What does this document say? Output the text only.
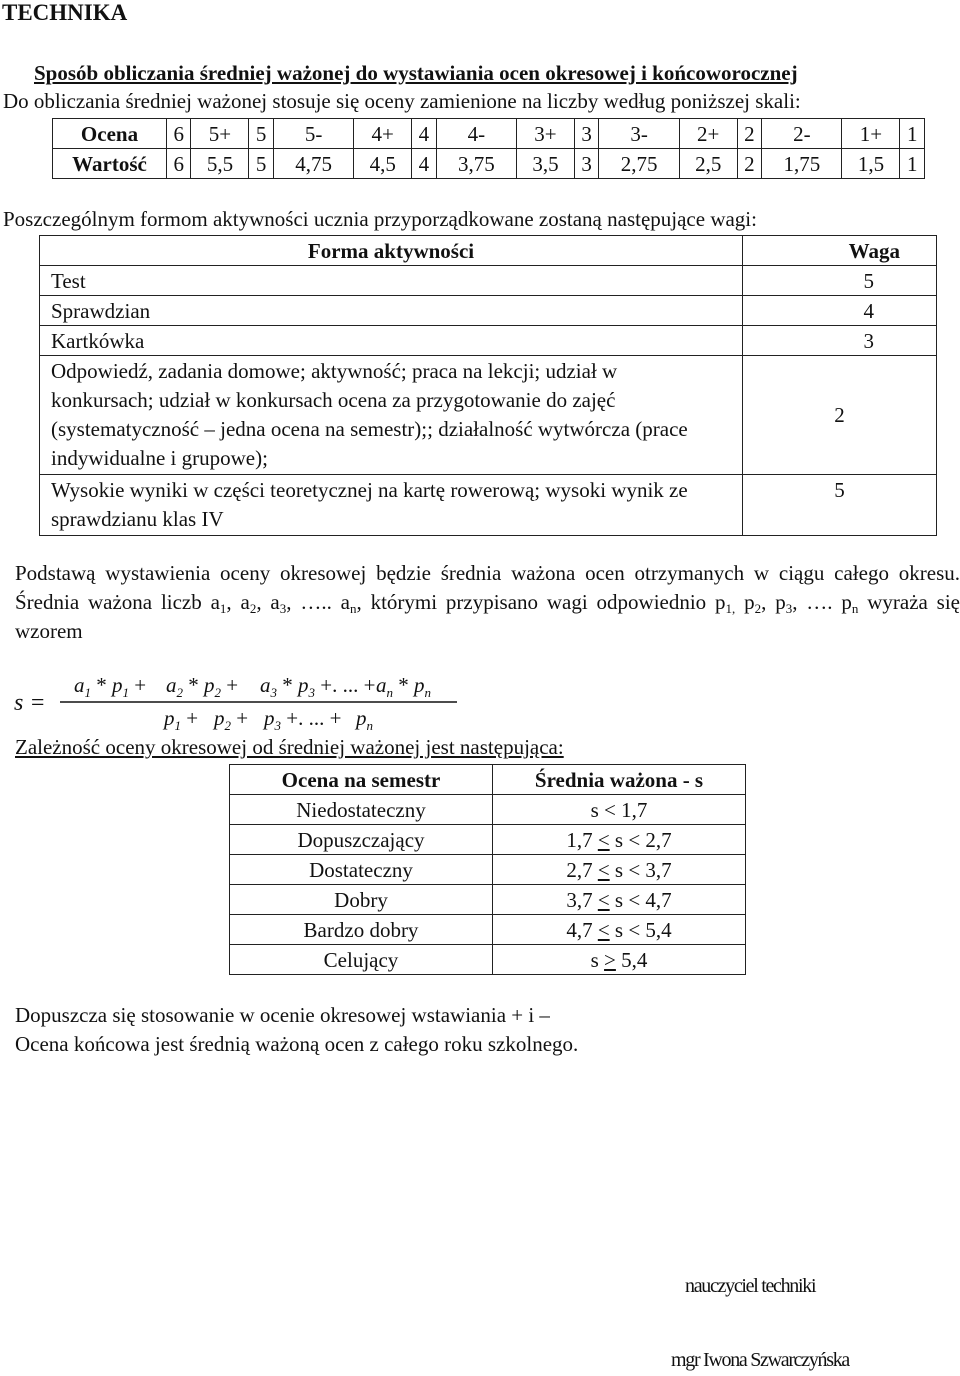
TECHNIKA
Sposób obliczania średniej ważonej do wystawiania ocen okresowej i końcoworocznej
Do obliczania średniej ważonej stosuje się oceny zamienione na liczby według poniższej skali:
Ocena	6	5+	5	5-	4+	4	4-	3+	3	3-	2+	2	2-	1+	1
Wartość	6	5,5	5	4,75	4,5	4	3,75	3,5	3	2,75	2,5	2	1,75	1,5	1
Poszczególnym formom aktywności ucznia przyporządkowane zostaną następujące wagi:
Forma aktywności	Waga
Test	5
Sprawdzian	4
Kartkówka	3
Odpowiedź, zadania domowe; aktywność; praca na lekcji; udział w konkursach; udział w konkursach ocena za przygotowanie do zajęć (systematyczność – jedna ocena na semestr);; działalność wytwórcza (prace indywidualne i grupowe);	2
Wysokie wyniki w części teoretycznej na kartę rowerową; wysoki wynik ze sprawdzianu klas IV	5
Podstawą wystawienia oceny okresowej będzie średnia ważona ocen otrzymanych w ciągu całego okresu. Średnia ważona liczb $a_1$, $a_2$, $a_3$, ….. $a_n$, którymi przypisano wagi odpowiednio $p_{1,}$ $p_2$, $p_3$, …. $p_n$ wyraża się wzorem
s =
$a_1 * p_1 + a_2 * p_2 + a_3 * p_3$ +. ... + $a_n * p_n$
$p_1 + p_2 + p_3$ +. ... + $p_n$
Zależność oceny okresowej od średniej ważonej jest następująca:
Ocena na semestr	Średnia ważona - s
Niedostateczny	s < 1,7
Dopuszczający	1,7 < s < 2,7
Dostateczny	2,7 < s < 3,7
Dobry	3,7 < s < 4,7
Bardzo dobry	4,7 < s < 5,4
Celujący	s > 5,4
Dopuszcza się stosowanie w ocenie okresowej wstawiania + i –
Ocena końcowa jest średnią ważoną ocen z całego roku szkolnego.
nauczyciel techniki
mgr Iwona Szwarczyńska
